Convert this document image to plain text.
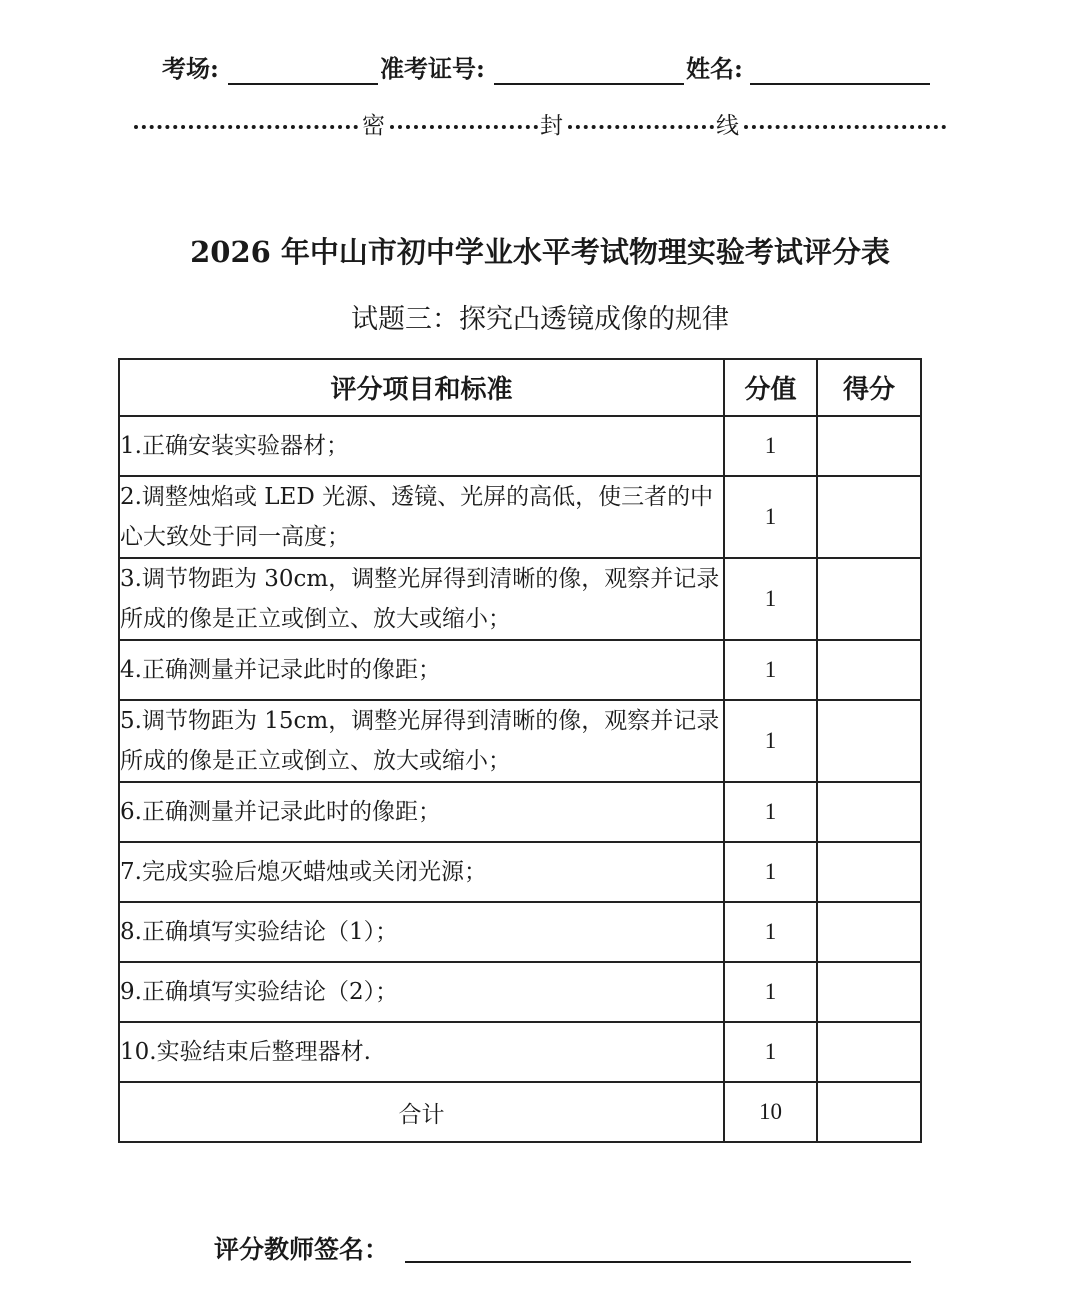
考场:	准考证号:	姓名:
密	封	线
2026 年中山市初中学业水平考试物理实验考试评分表
试题三：探究凸透镜成像的规律
评分项目和标准	分值	得分
1.正确安装实验器材；	1	
2.调整烛焰或 LED 光源、透镜、光屏的高低，使三者的中心大致处于同一高度；	1	
3.调节物距为 30cm，调整光屏得到清晰的像，观察并记录所成的像是正立或倒立、放大或缩小；	1	
4.正确测量并记录此时的像距；	1	
5.调节物距为 15cm，调整光屏得到清晰的像，观察并记录所成的像是正立或倒立、放大或缩小；	1	
6.正确测量并记录此时的像距；	1	
7.完成实验后熄灭蜡烛或关闭光源；	1	
8.正确填写实验结论（1）；	1	
9.正确填写实验结论（2）；	1	
10.实验结束后整理器材.	1	
合计	10	
评分教师签名：
